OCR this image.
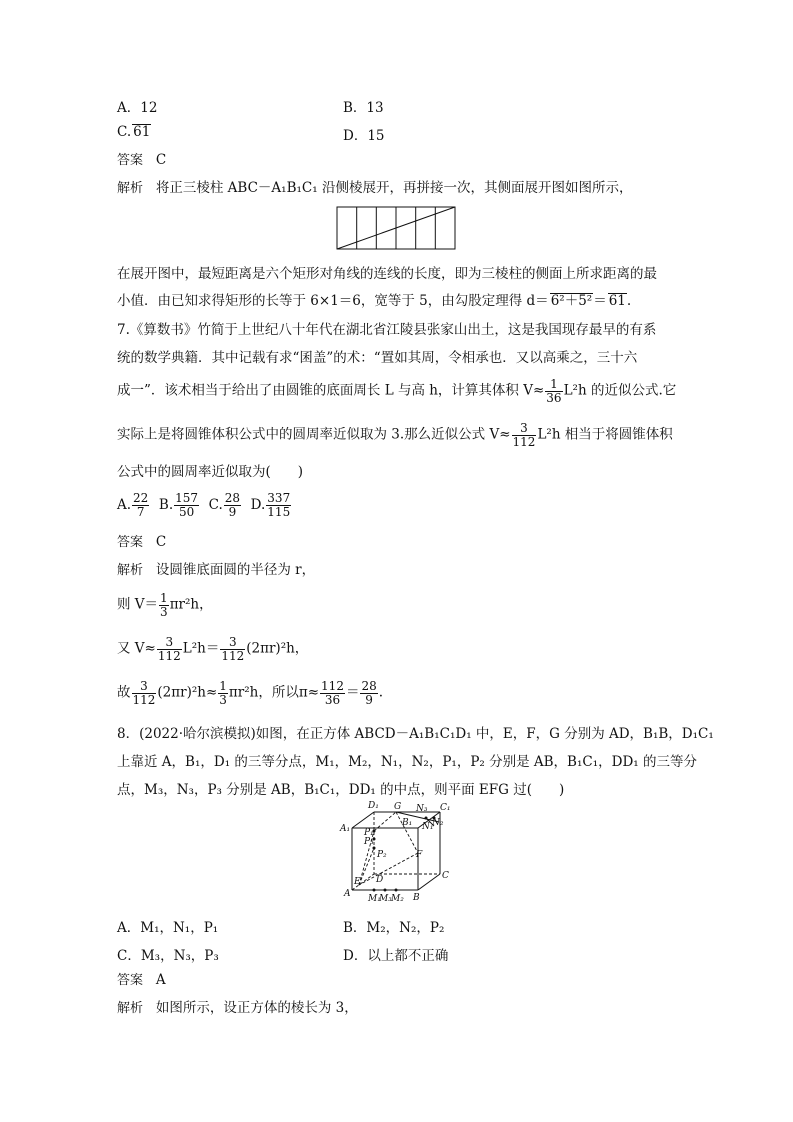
A．12	B．13
C. 61	D．15
答案 C
解析 将正三棱柱 ABC－A₁B₁C₁ 沿侧棱展开，再拼接一次，其侧面展开图如图所示，
在展开图中，最短距离是六个矩形对角线的连线的长度，即为三棱柱的侧面上所求距离的最
小值．由已知求得矩形的长等于 6×1＝6，宽等于 5，由勾股定理得 d＝ 6²＋5²＝ 61.
7.《算数书》竹简于上世纪八十年代在湖北省江陵县张家山出土，这是我国现存最早的有系
统的数学典籍．其中记载有求“囷盖”的术：“置如其周，令相承也．又以高乘之，三十六
成一”．该术相当于给出了由圆锥的底面周长 L 与高 h，计算其体积 $V\approx \frac{1}{36} L^2h$ 的近似公式.它
实际上是将圆锥体积公式中的圆周率近似取为 3.那么近似公式 $V\approx \frac{3}{112} L^2h$ 相当于将圆锥体积
公式中的圆周率近似取为(　　)
A. $\frac{22}{7} B$. $\frac{157}{50} C$. $\frac{28}{9} D$. $\frac{337}{115}$
答案 C
解析 设圆锥底面圆的半径为 r，
则 $V= \frac{1}{3} \pi r^2h$，
又 $V\approx \frac{3}{112} L^2h= \frac{3}{112} (2\pi r)^2h$，
故 $\frac{3}{112} (2\pi r)^2h\approx \frac{1}{3} \pi r^2h$，所以$\pi\approx \frac{112}{36} = \frac{28}{9}$ .
8．(2022·哈尔滨模拟)如图，在正方体 ABCD－A₁B₁C₁D₁ 中，E，F，G 分别为 AD，B₁B，D₁C₁
上靠近 A，B₁，D₁ 的三等分点，M₁，M₂，N₁，N₂，P₁，P₂ 分别是 AB，B₁C₁，DD₁ 的三等分
点，M₃，N₃，P₃ 分别是 AB，B₁C₁，DD₁ 的中点，则平面 EFG 过(　　)
D₁ G N₃ C₁
A₁
B₁ N₁
N₂
P₁
P₃
P₂	F
C
E D
A M₁
M₃ M₂ B
A．M₁，N₁，P₁	B．M₂，N₂，P₂
C．M₃，N₃，P₃	D．以上都不正确
答案 A
解析 如图所示，设正方体的棱长为 3，
